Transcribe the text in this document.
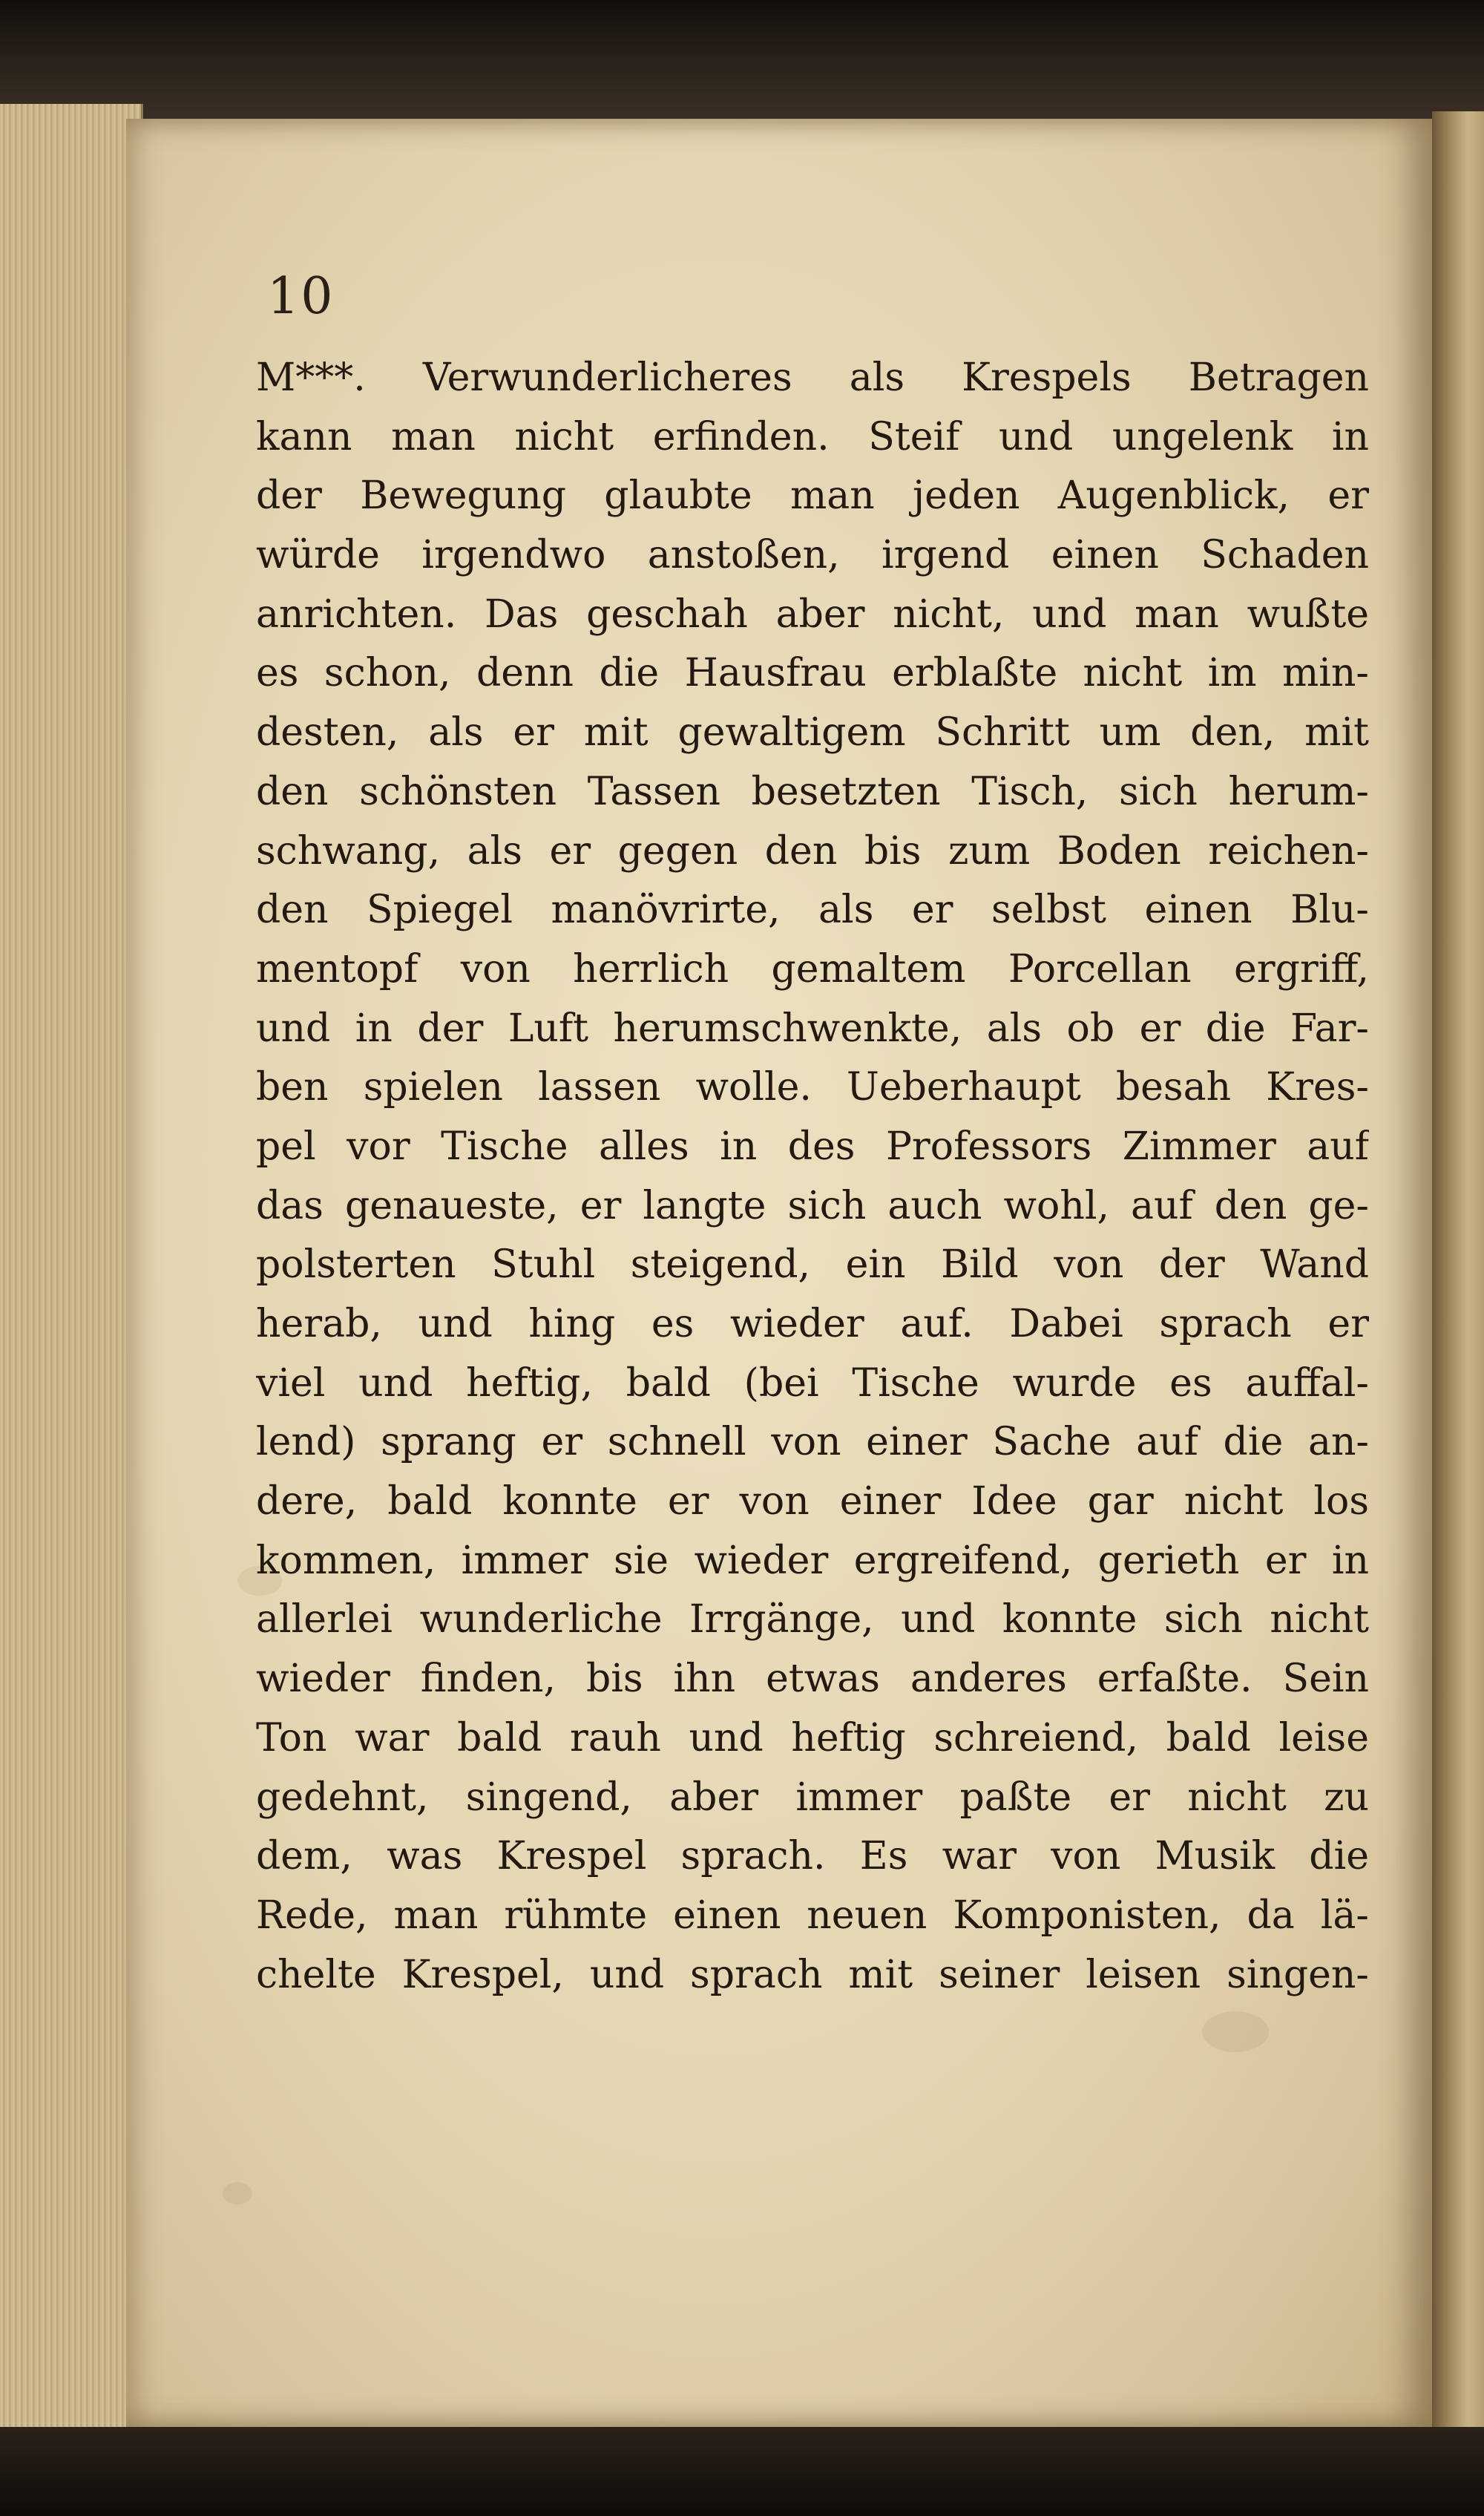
10
M***. Verwunderlicheres als Krespels Betragen
kann man nicht erfinden. Steif und ungelenk in
der Bewegung glaubte man jeden Augenblick, er
würde irgendwo anstoßen, irgend einen Schaden
anrichten. Das geschah aber nicht, und man wußte
es schon, denn die Hausfrau erblaßte nicht im min-
desten, als er mit gewaltigem Schritt um den, mit
den schönsten Tassen besetzten Tisch, sich herum-
schwang, als er gegen den bis zum Boden reichen-
den Spiegel manövrirte, als er selbst einen Blu-
mentopf von herrlich gemaltem Porcellan ergriff,
und in der Luft herumschwenkte, als ob er die Far-
ben spielen lassen wolle. Ueberhaupt besah Kres-
pel vor Tische alles in des Professors Zimmer auf
das genaueste, er langte sich auch wohl, auf den ge-
polsterten Stuhl steigend, ein Bild von der Wand
herab, und hing es wieder auf. Dabei sprach er
viel und heftig, bald (bei Tische wurde es auffal-
lend) sprang er schnell von einer Sache auf die an-
dere, bald konnte er von einer Idee gar nicht los
kommen, immer sie wieder ergreifend, gerieth er in
allerlei wunderliche Irrgänge, und konnte sich nicht
wieder finden, bis ihn etwas anderes erfaßte. Sein
Ton war bald rauh und heftig schreiend, bald leise
gedehnt, singend, aber immer paßte er nicht zu
dem, was Krespel sprach. Es war von Musik die
Rede, man rühmte einen neuen Komponisten, da lä-
chelte Krespel, und sprach mit seiner leisen singen-
